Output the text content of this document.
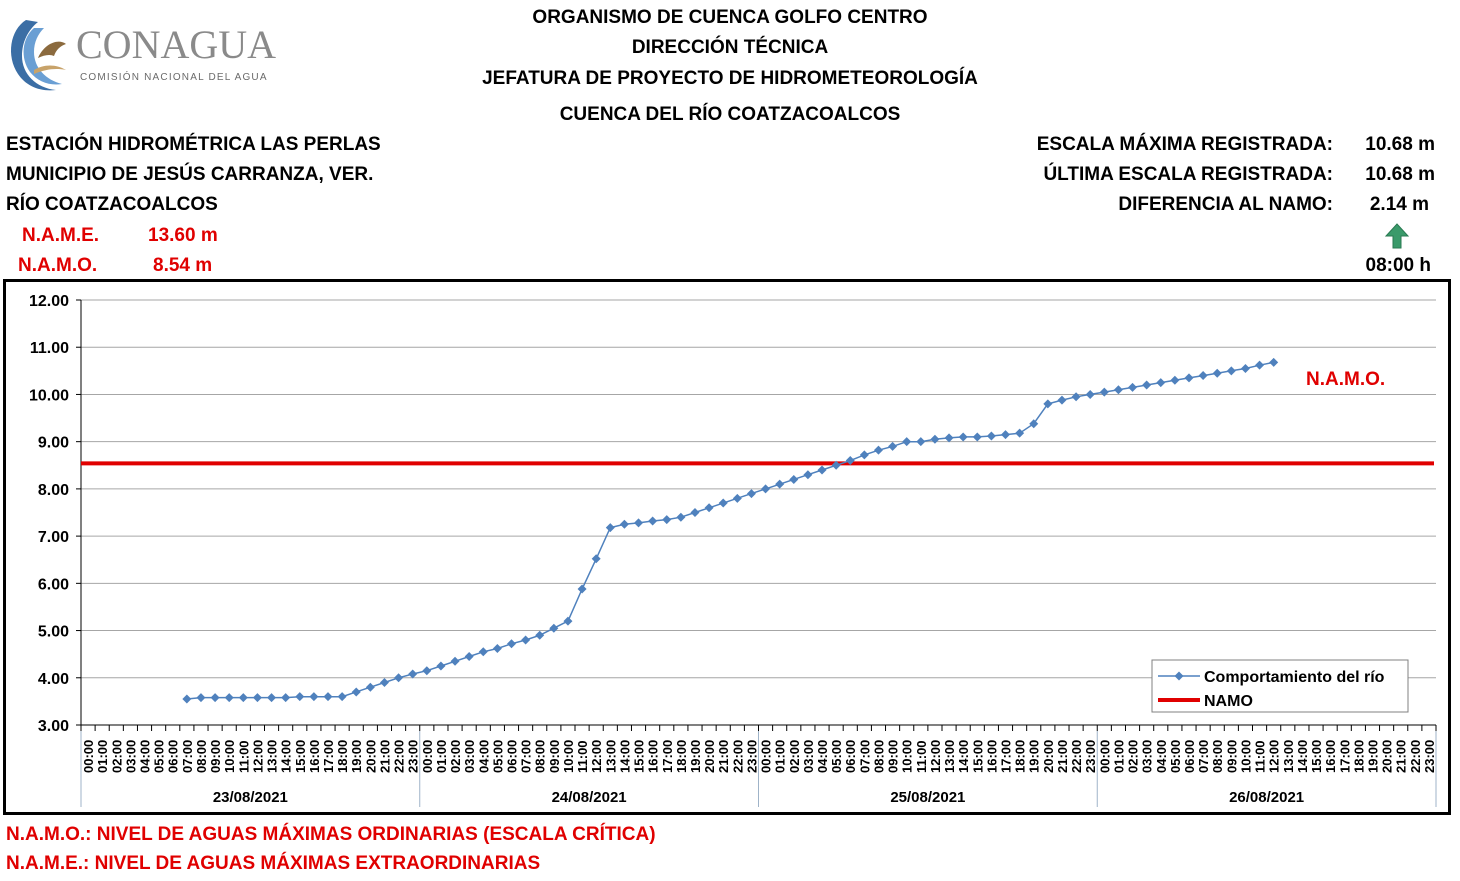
CONAGUA
COMISIÓN NACIONAL DEL AGUA
ORGANISMO DE CUENCA GOLFO CENTRO
DIRECCIÓN TÉCNICA
JEFATURA DE PROYECTO DE HIDROMETEOROLOGÍA
CUENCA DEL RÍO COATZACOALCOS
ESTACIÓN HIDROMÉTRICA LAS PERLAS
MUNICIPIO DE JESÚS CARRANZA, VER.
RÍO COATZACOALCOS
N.A.M.E.	13.60 m
N.A.M.O.	8.54 m
ESCALA MÁXIMA REGISTRADA: 10.68 m
ÚLTIMA ESCALA REGISTRADA: 10.68 m
DIFERENCIA AL NAMO: 2.14 m
08:00 h
3.00
4.00
5.00
6.00
7.00
8.00
9.00
10.00
11.00
12.00
00:00 01:00 02:00 03:00 04:00 05:00 06:00 07:00 08:00 09:00 10:00 11:00 12:00 13:00 14:00 15:00 16:00 17:00 18:00 19:00 20:00 21:00 22:00 23:00 00:00 01:00 02:00 03:00 04:00 05:00 06:00 07:00 08:00 09:00 10:00 11:00 12:00 13:00 14:00 15:00 16:00 17:00 18:00 19:00 20:00 21:00 22:00 23:00 00:00 01:00 02:00 03:00 04:00 05:00 06:00 07:00 08:00 09:00 10:00 11:00 12:00 13:00 14:00 15:00 16:00 17:00 18:00 19:00 20:00 21:00 22:00 23:00 00:00 01:00 02:00 03:00 04:00 05:00 06:00 07:00 08:00 09:00 10:00 11:00 12:00 13:00 14:00 15:00 16:00 17:00 18:00 19:00 20:00 21:00 22:00 23:00
23/08/2021	24/08/2021	25/08/2021	26/08/2021
N.A.M.O.
Comportamiento del río
NAMO
N.A.M.O.: NIVEL DE AGUAS MÁXIMAS ORDINARIAS (ESCALA CRÍTICA)
N.A.M.E.: NIVEL DE AGUAS MÁXIMAS EXTRAORDINARIAS
